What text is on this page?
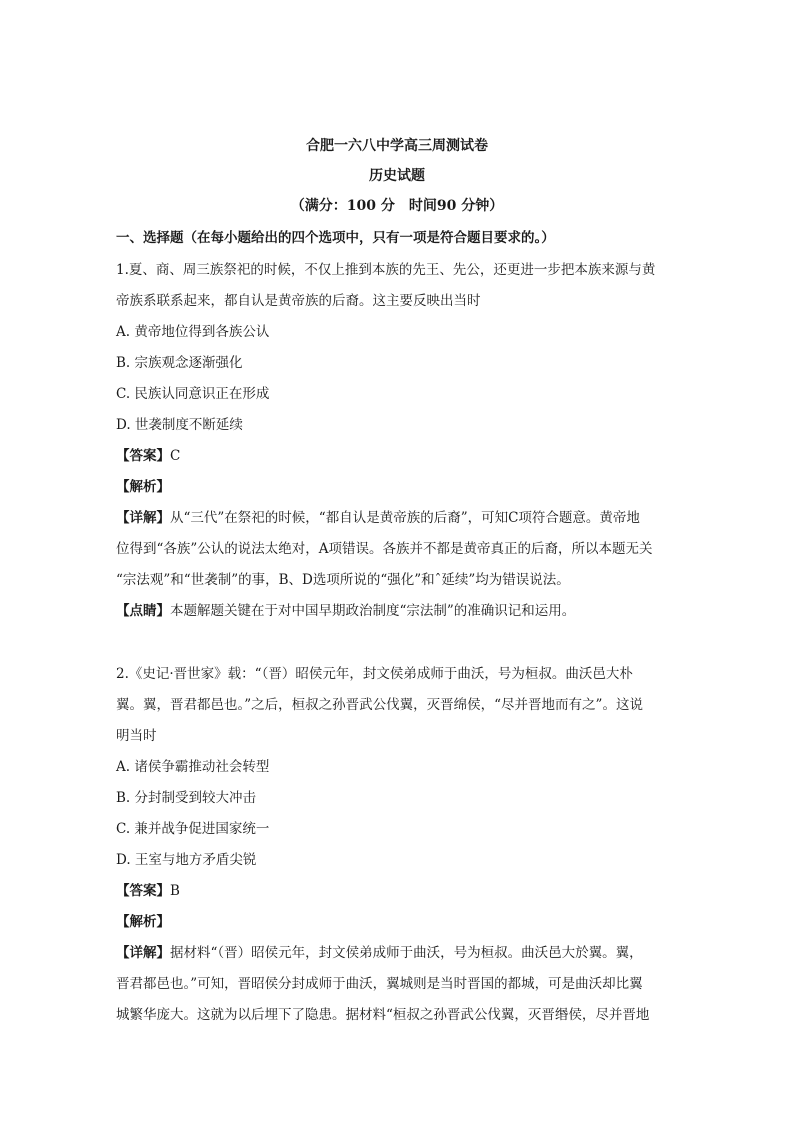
合肥一六八中学高三周测试卷
历史试题
（满分：100 分　时间90 分钟）
一、选择题（在每小题给出的四个选项中，只有一项是符合题目要求的。）
1.夏、商、周三族祭祀的时候，不仅上推到本族的先王、先公，还更进一步把本族来源与黄
帝族系联系起来，都自认是黄帝族的后裔。这主要反映出当时
A. 黄帝地位得到各族公认
B. 宗族观念逐渐强化
C. 民族认同意识正在形成
D. 世袭制度不断延续
【答案】C
【解析】
【详解】从“三代”在祭祀的时候，“都自认是黄帝族的后裔”，可知C项符合题意。黄帝地
位得到“各族”公认的说法太绝对，A项错误。各族并不都是黄帝真正的后裔，所以本题无关
“宗法观”和“世袭制”的事，B、D选项所说的“强化”和ˆ延续”均为错误说法。
【点睛】本题解题关键在于对中国早期政治制度“宗法制”的准确识记和运用。
2.《史记·晋世家》载：“（晋）昭侯元年，封文侯弟成师于曲沃，号为桓叔。曲沃邑大朴
翼。翼，晋君都邑也。”之后，桓叔之孙晋武公伐翼，灭晋绵侯，“尽并晋地而有之”。这说
明当时
A. 诸侯争霸推动社会转型
B. 分封制受到较大冲击
C. 兼并战争促进国家统一
D. 王室与地方矛盾尖锐
【答案】B
【解析】
【详解】据材料“（晋）昭侯元年，封文侯弟成师于曲沃，号为桓叔。曲沃邑大於翼。翼，
晋君都邑也。”可知，晋昭侯分封成师于曲沃，翼城则是当时晋国的都城，可是曲沃却比翼
城繁华庞大。这就为以后埋下了隐患。据材料“桓叔之孙晋武公伐翼，灭晋缗侯，尽并晋地
